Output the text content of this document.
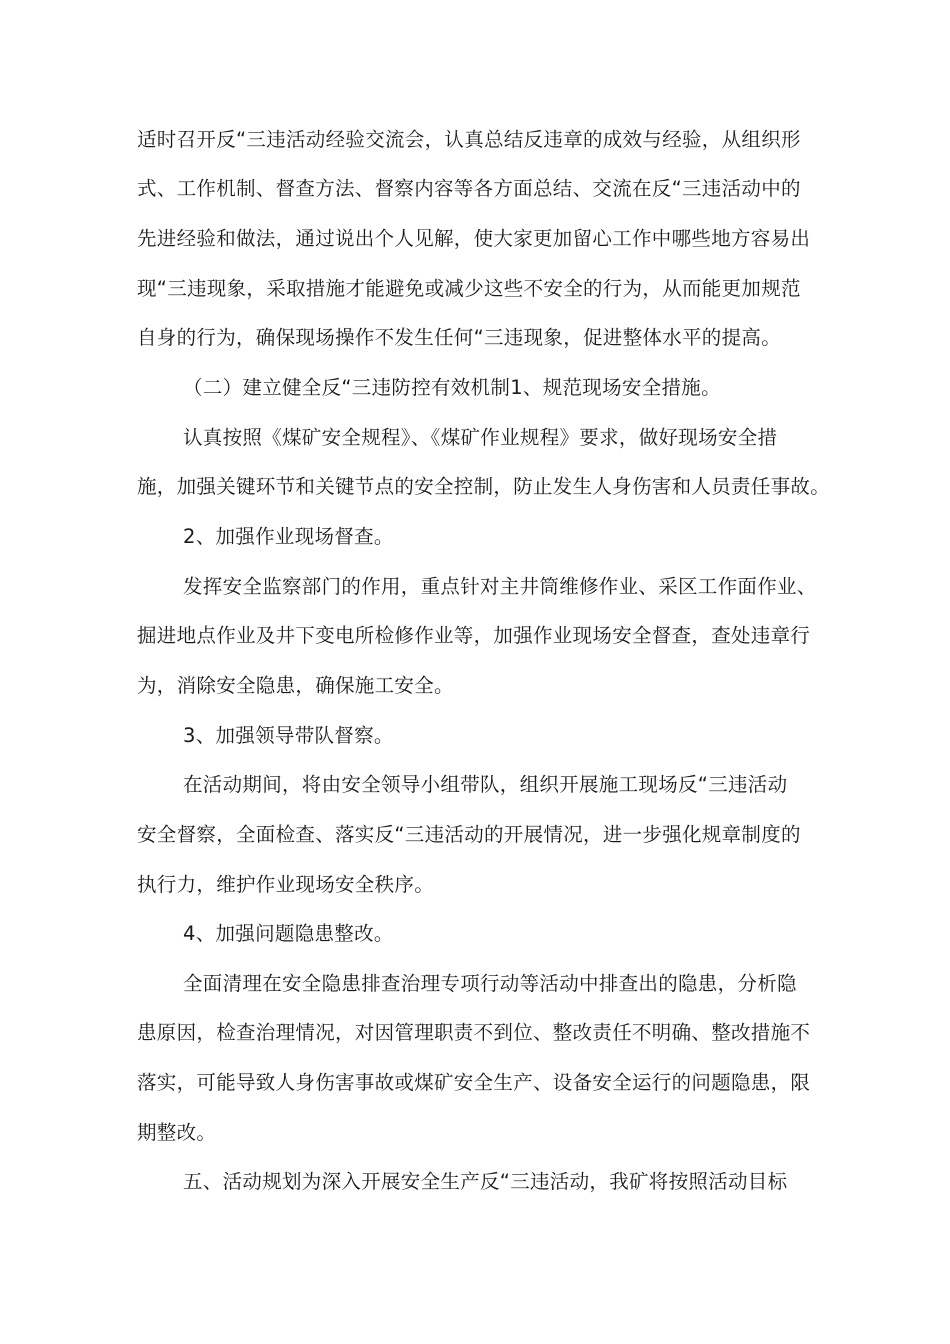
适时召开反“三违活动经验交流会，认真总结反违章的成效与经验，从组织形
式、工作机制、督查方法、督察内容等各方面总结、交流在反“三违活动中的
先进经验和做法，通过说出个人见解，使大家更加留心工作中哪些地方容易出
现“三违现象，采取措施才能避免或减少这些不安全的行为，从而能更加规范
自身的行为，确保现场操作不发生任何“三违现象，促进整体水平的提高。
（二）建立健全反“三违防控有效机制1、规范现场安全措施。
认真按照《煤矿安全规程》、《煤矿作业规程》要求，做好现场安全措
施，加强关键环节和关键节点的安全控制，防止发生人身伤害和人员责任事故。
2、加强作业现场督查。
发挥安全监察部门的作用，重点针对主井筒维修作业、采区工作面作业、
掘进地点作业及井下变电所检修作业等，加强作业现场安全督查，查处违章行
为，消除安全隐患，确保施工安全。
3、加强领导带队督察。
在活动期间，将由安全领导小组带队，组织开展施工现场反“三违活动
安全督察，全面检查、落实反“三违活动的开展情况，进一步强化规章制度的
执行力，维护作业现场安全秩序。
4、加强问题隐患整改。
全面清理在安全隐患排查治理专项行动等活动中排查出的隐患，分析隐
患原因，检查治理情况，对因管理职责不到位、整改责任不明确、整改措施不
落实，可能导致人身伤害事故或煤矿安全生产、设备安全运行的问题隐患，限
期整改。
五、活动规划为深入开展安全生产反“三违活动，我矿将按照活动目标
